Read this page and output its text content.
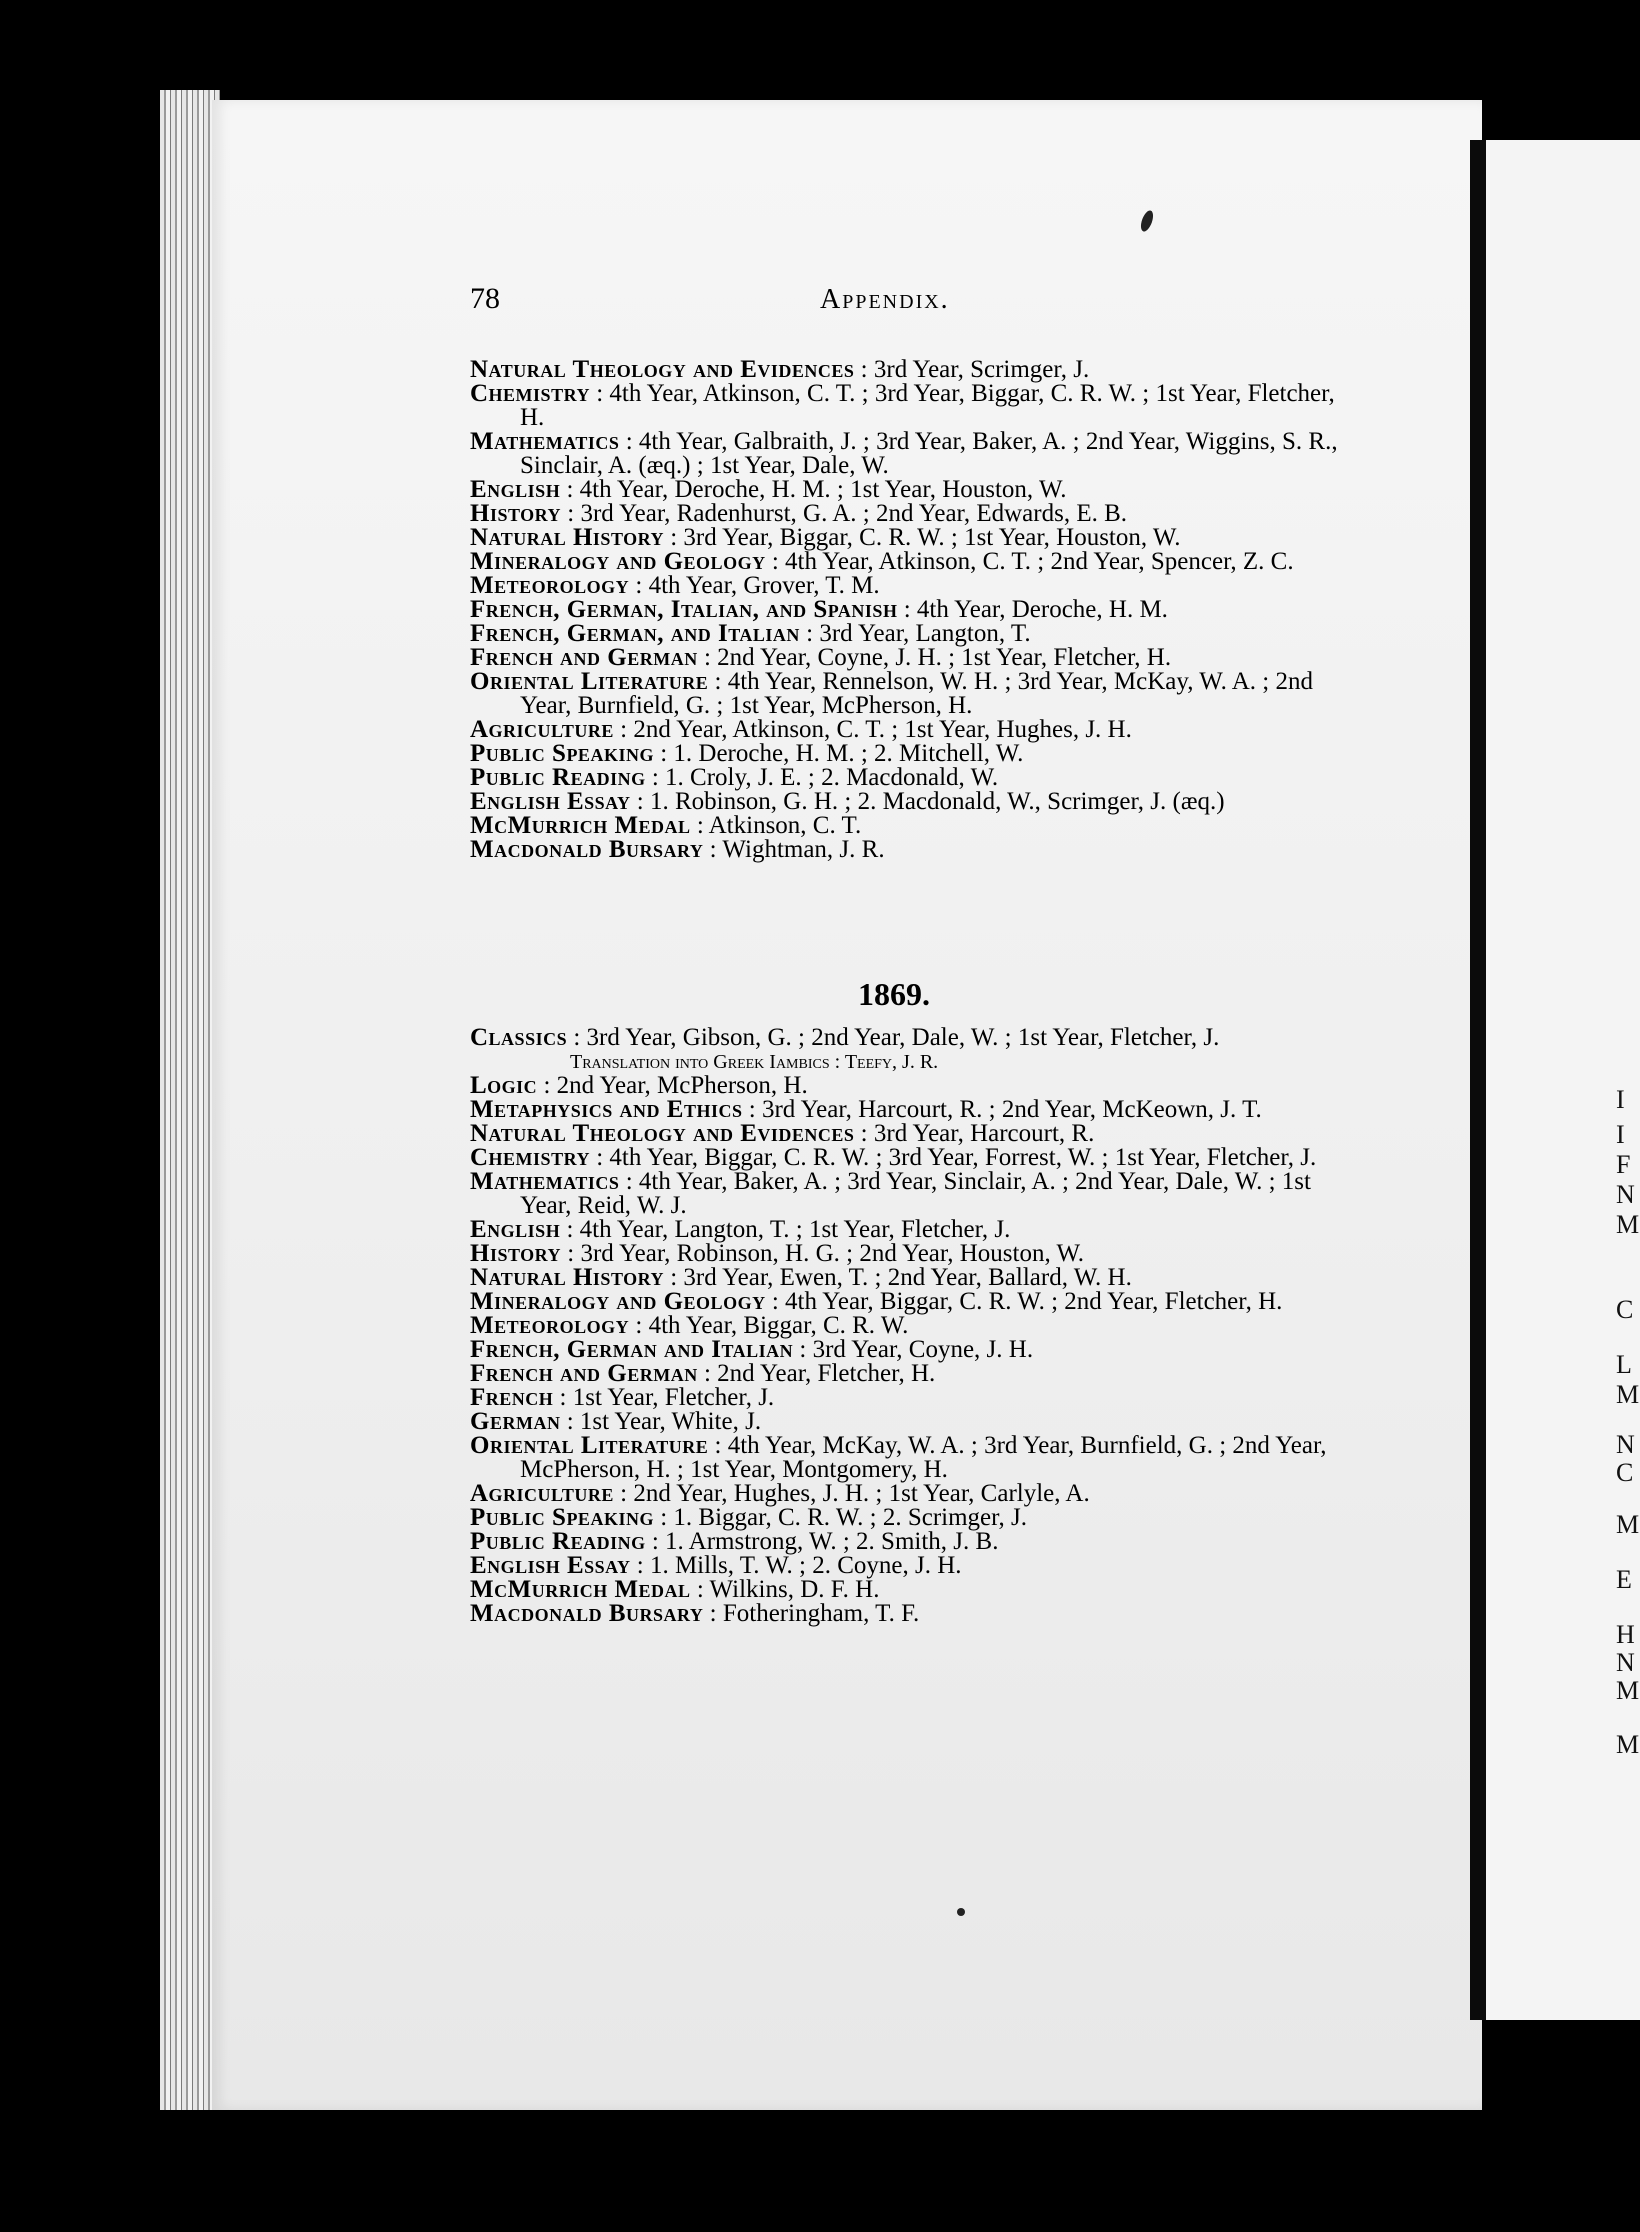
I
I
F
N
M
C
L
M
N
C
M
E
H
N
M
M
78	Appendix.

Natural Theology and Evidences : 3rd Year, Scrimger, J.

Chemistry : 4th Year, Atkinson, C. T. ; 3rd Year, Biggar, C. R. W. ; 1st Year, Fletcher, H.

Mathematics : 4th Year, Galbraith, J. ; 3rd Year, Baker, A. ; 2nd Year, Wiggins, S. R., Sinclair, A. (æq.) ; 1st Year, Dale, W.

English : 4th Year, Deroche, H. M. ; 1st Year, Houston, W.

History : 3rd Year, Radenhurst, G. A. ; 2nd Year, Edwards, E. B.

Natural History : 3rd Year, Biggar, C. R. W. ; 1st Year, Houston, W.

Mineralogy and Geology : 4th Year, Atkinson, C. T. ; 2nd Year, Spencer, Z. C.

Meteorology : 4th Year, Grover, T. M.

French, German, Italian, and Spanish : 4th Year, Deroche, H. M.

French, German, and Italian : 3rd Year, Langton, T.

French and German : 2nd Year, Coyne, J. H. ; 1st Year, Fletcher, H.

Oriental Literature : 4th Year, Rennelson, W. H. ; 3rd Year, McKay, W. A. ; 2nd Year, Burnfield, G. ; 1st Year, McPherson, H.

Agriculture : 2nd Year, Atkinson, C. T. ; 1st Year, Hughes, J. H.

Public Speaking : 1. Deroche, H. M. ; 2. Mitchell, W.

Public Reading : 1. Croly, J. E. ; 2. Macdonald, W.

English Essay : 1. Robinson, G. H. ; 2. Macdonald, W., Scrimger, J. (æq.)

McMurrich Medal : Atkinson, C. T.

Macdonald Bursary : Wightman, J. R.

1869.

Classics : 3rd Year, Gibson, G. ; 2nd Year, Dale, W. ; 1st Year, Fletcher, J.

Translation into Greek Iambics : Teefy, J. R.

Logic : 2nd Year, McPherson, H.

Metaphysics and Ethics : 3rd Year, Harcourt, R. ; 2nd Year, McKeown, J. T.

Natural Theology and Evidences : 3rd Year, Harcourt, R.

Chemistry : 4th Year, Biggar, C. R. W. ; 3rd Year, Forrest, W. ; 1st Year, Fletcher, J.

Mathematics : 4th Year, Baker, A. ; 3rd Year, Sinclair, A. ; 2nd Year, Dale, W. ; 1st Year, Reid, W. J.

English : 4th Year, Langton, T. ; 1st Year, Fletcher, J.

History : 3rd Year, Robinson, H. G. ; 2nd Year, Houston, W.

Natural History : 3rd Year, Ewen, T. ; 2nd Year, Ballard, W. H.

Mineralogy and Geology : 4th Year, Biggar, C. R. W. ; 2nd Year, Fletcher, H.

Meteorology : 4th Year, Biggar, C. R. W.

French, German and Italian : 3rd Year, Coyne, J. H.

French and German : 2nd Year, Fletcher, H.

French : 1st Year, Fletcher, J.

German : 1st Year, White, J.

Oriental Literature : 4th Year, McKay, W. A. ; 3rd Year, Burnfield, G. ; 2nd Year, McPherson, H. ; 1st Year, Montgomery, H.

Agriculture : 2nd Year, Hughes, J. H. ; 1st Year, Carlyle, A.

Public Speaking : 1. Biggar, C. R. W. ; 2. Scrimger, J.

Public Reading : 1. Armstrong, W. ; 2. Smith, J. B.

English Essay : 1. Mills, T. W. ; 2. Coyne, J. H.

McMurrich Medal : Wilkins, D. F. H.

Macdonald Bursary : Fotheringham, T. F.
